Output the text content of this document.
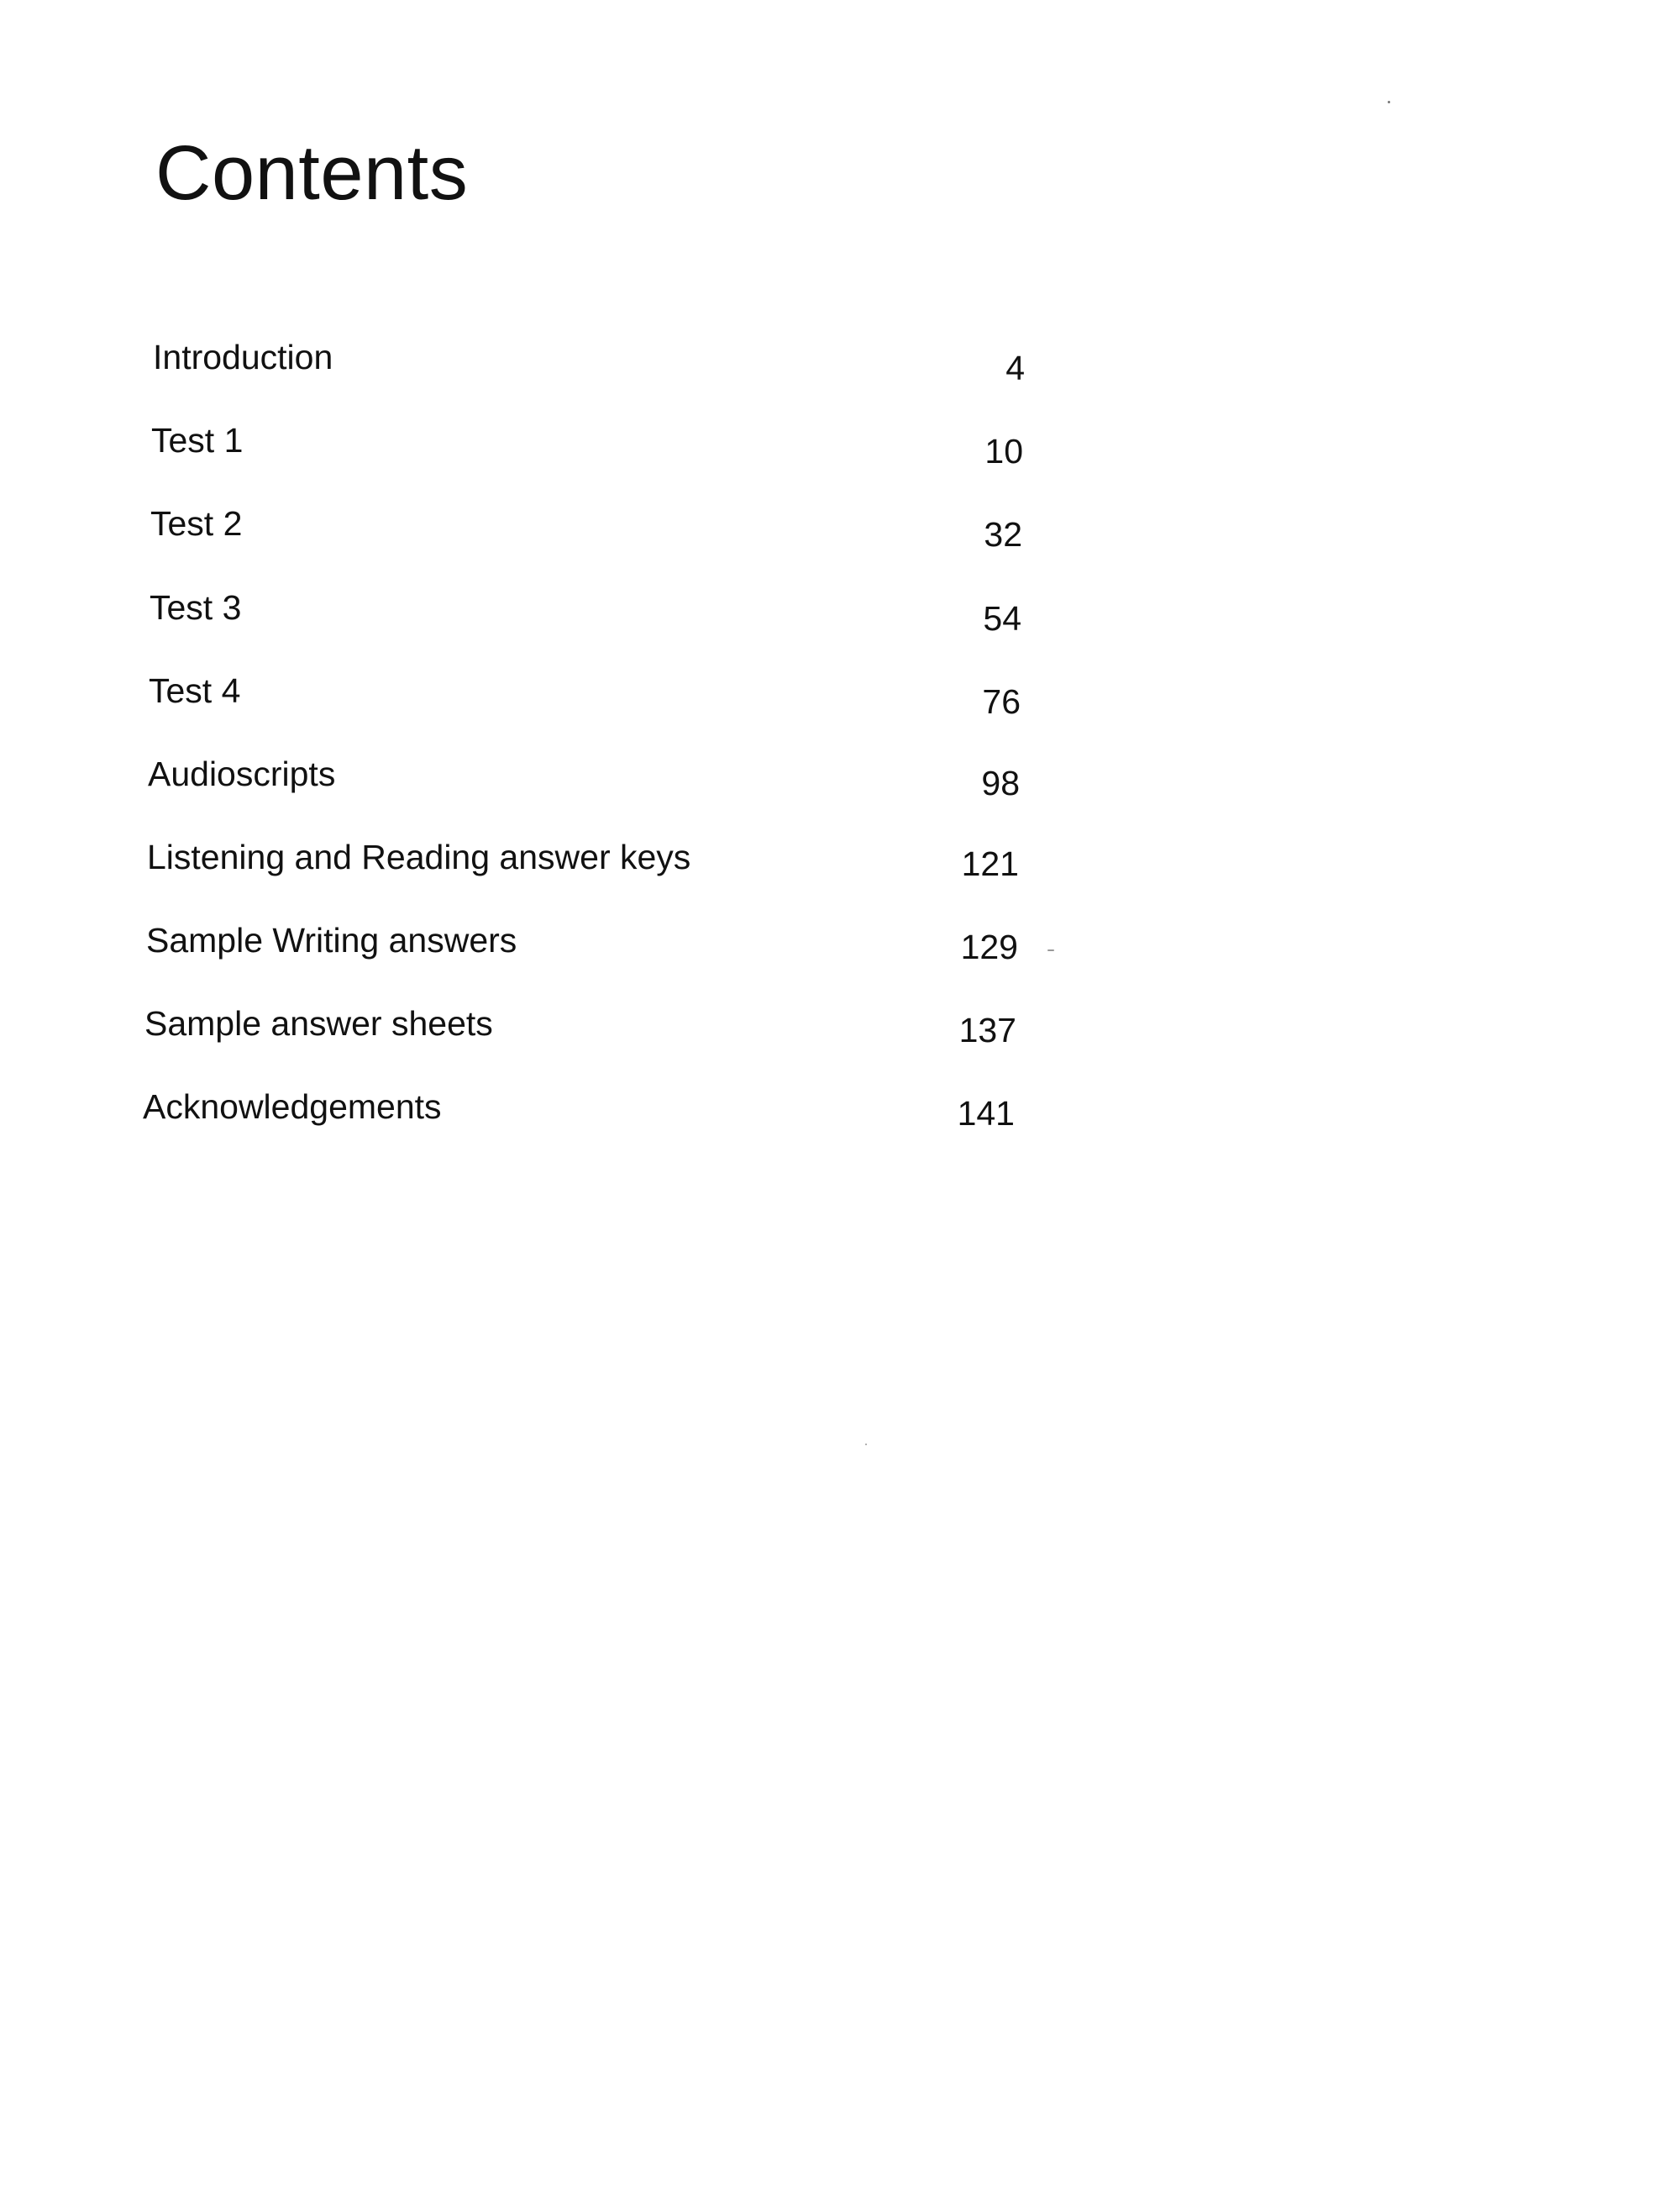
Contents
Introduction	4
Test 1	10
Test 2	32
Test 3	54
Test 4	76
Audioscripts	98
Listening and Reading answer keys	121
Sample Writing answers	129
Sample answer sheets	137
Acknowledgements	141
